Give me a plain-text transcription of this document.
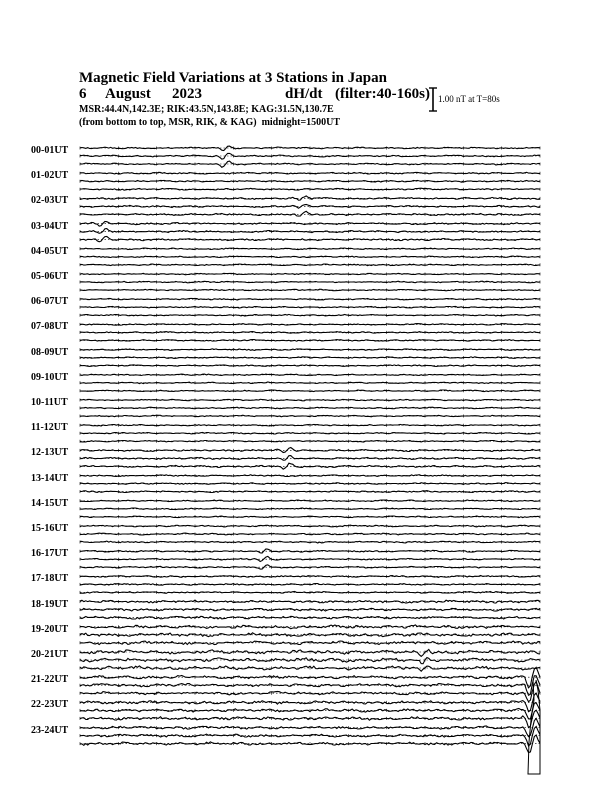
Magnetic Field Variations at 3 Stations in Japan
6 August 2023	dH/dt (filter:40-160s)
MSR:44.4N,142.3E; RIK:43.5N,143.8E; KAG:31.5N,130.7E
(from bottom to top, MSR, RIK, & KAG) midnight=1500UT
1.00 nT at T=80s
00-01UT
01-02UT
02-03UT
03-04UT
04-05UT
05-06UT
06-07UT
07-08UT
08-09UT
09-10UT
10-11UT
11-12UT
12-13UT
13-14UT
14-15UT
15-16UT
16-17UT
17-18UT
18-19UT
19-20UT
20-21UT
21-22UT
22-23UT
23-24UT
